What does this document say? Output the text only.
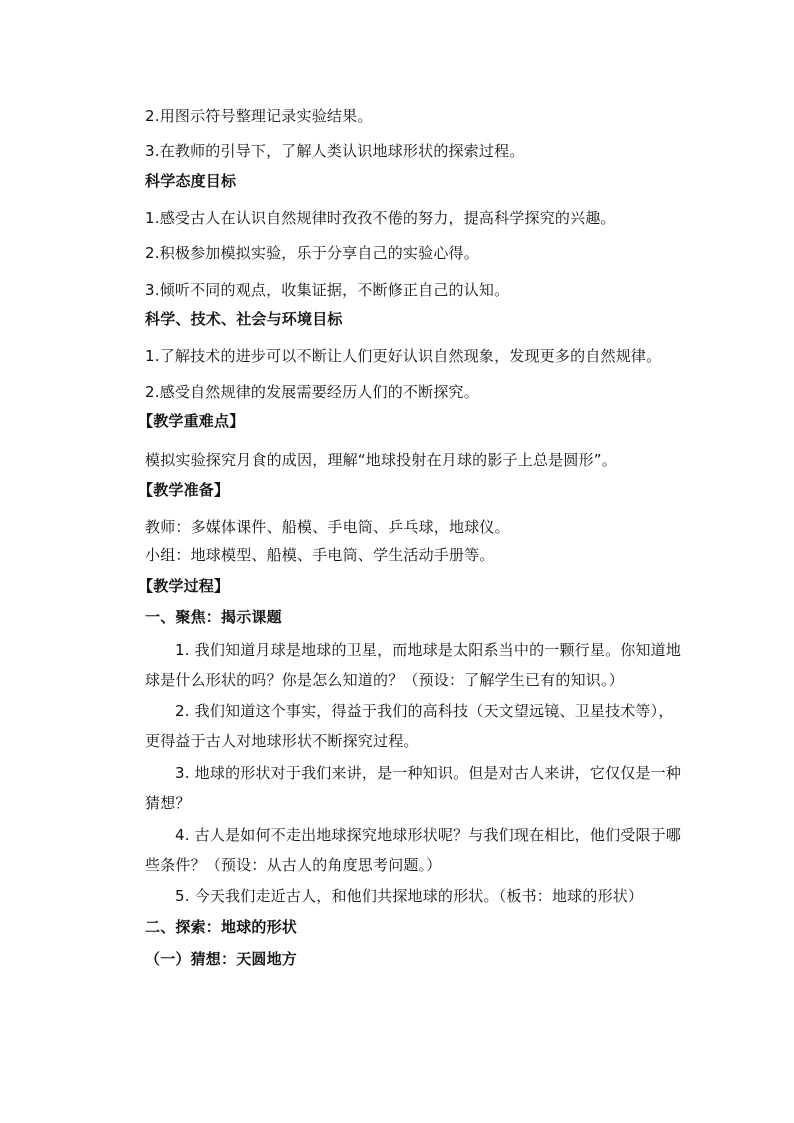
2.用图示符号整理记录实验结果。
3.在教师的引导下，了解人类认识地球形状的探索过程。
科学态度目标
1.感受古人在认识自然规律时孜孜不倦的努力，提高科学探究的兴趣。
2.积极参加模拟实验，乐于分享自己的实验心得。
3.倾听不同的观点，收集证据，不断修正自己的认知。
科学、技术、社会与环境目标
1.了解技术的进步可以不断让人们更好认识自然现象，发现更多的自然规律。
2.感受自然规律的发展需要经历人们的不断探究。
【教学重难点】
模拟实验探究月食的成因，理解“地球投射在月球的影子上总是圆形”。
【教学准备】
教师：多媒体课件、船模、手电筒、乒乓球，地球仪。
小组：地球模型、船模、手电筒、学生活动手册等。
【教学过程】
一、聚焦：揭示课题
1. 我们知道月球是地球的卫星，而地球是太阳系当中的一颗行星。你知道地
球是什么形状的吗？你是怎么知道的？（预设：了解学生已有的知识。）
2. 我们知道这个事实，得益于我们的高科技（天文望远镜、卫星技术等），
更得益于古人对地球形状不断探究过程。
3. 地球的形状对于我们来讲，是一种知识。但是对古人来讲，它仅仅是一种
猜想？
4. 古人是如何不走出地球探究地球形状呢？与我们现在相比，他们受限于哪
些条件？（预设：从古人的角度思考问题。）
5. 今天我们走近古人，和他们共探地球的形状。（板书：地球的形状）
二、探索：地球的形状
（一）猜想：天圆地方
